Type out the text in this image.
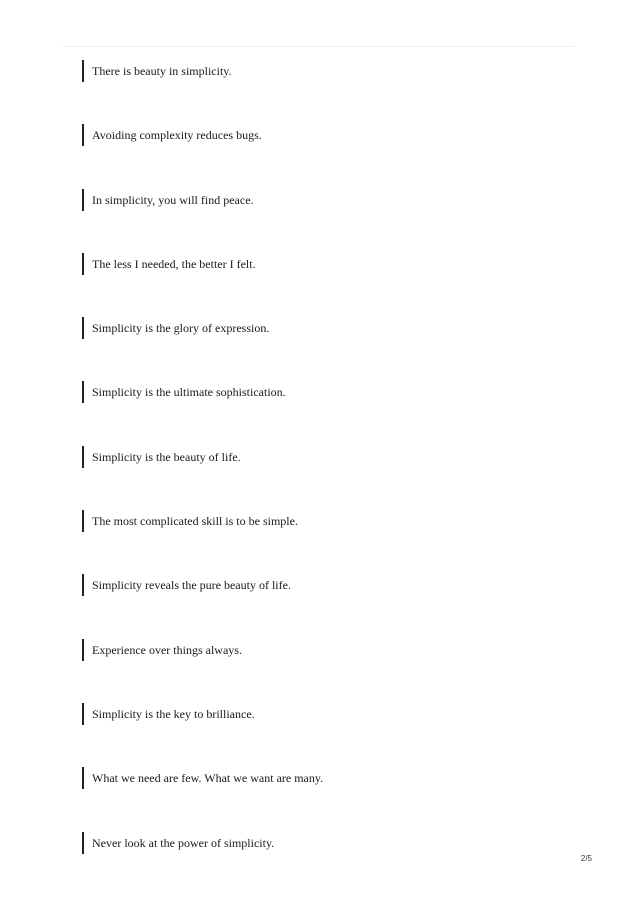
There is beauty in simplicity.
Avoiding complexity reduces bugs.
In simplicity, you will find peace.
The less I needed, the better I felt.
Simplicity is the glory of expression.
Simplicity is the ultimate sophistication.
Simplicity is the beauty of life.
The most complicated skill is to be simple.
Simplicity reveals the pure beauty of life.
Experience over things always.
Simplicity is the key to brilliance.
What we need are few. What we want are many.
Never look at the power of simplicity.
2/5
